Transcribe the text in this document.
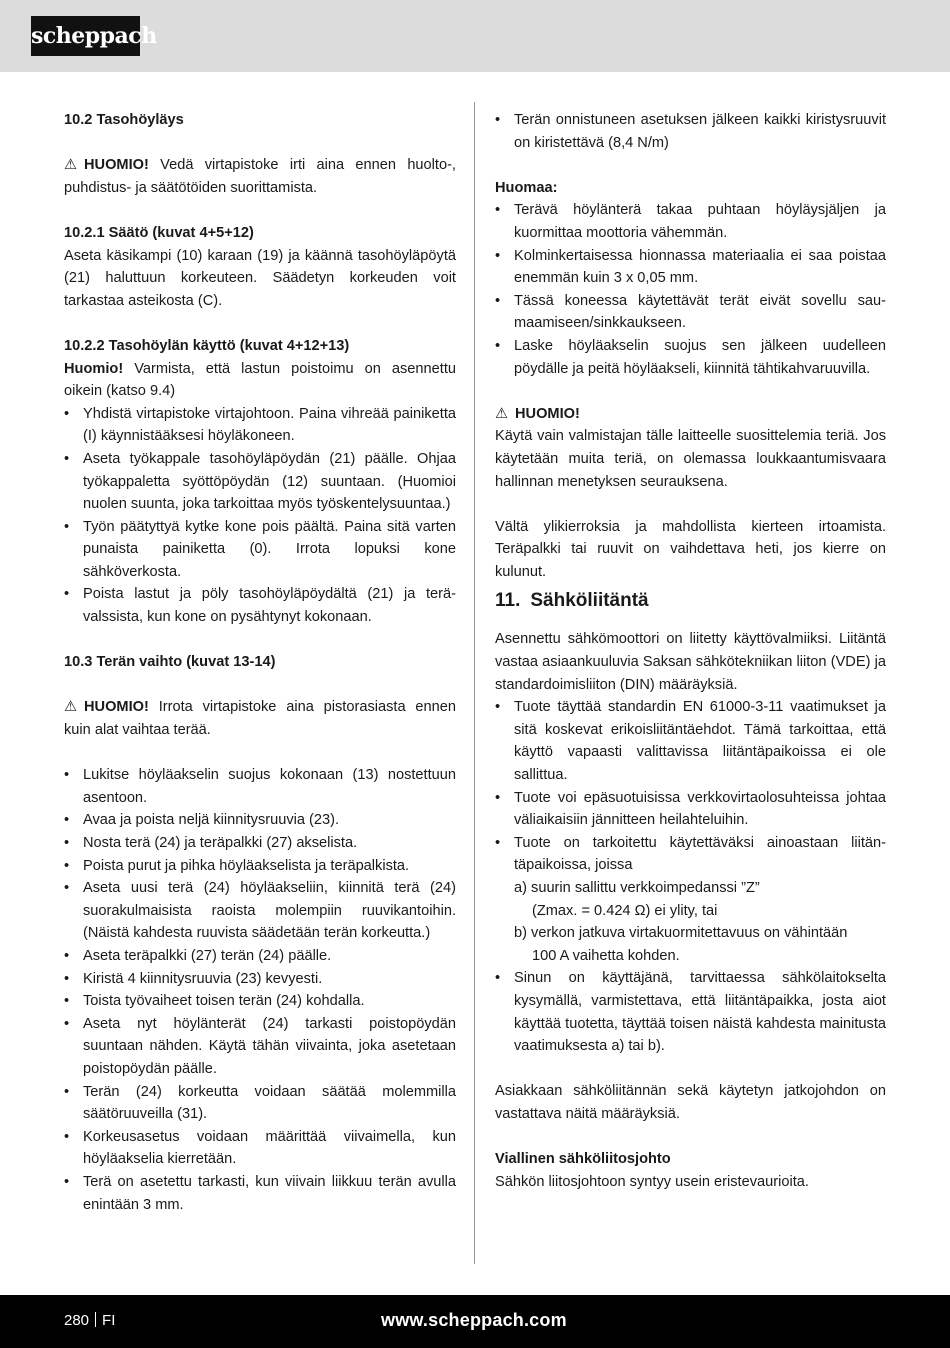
scheppach

10.2 Tasohöyläys

⚠ HUOMIO! Vedä virtapistoke irti aina ennen huolto-, puhdistus- ja säätötöiden suorittamista.

10.2.1 Säätö (kuvat 4+5+12)

Aseta käsikampi (10) karaan (19) ja käännä tasohöyläpöytä (21) haluttuun korkeuteen. Säädetyn korkeuden voit tarkastaa asteikosta (C).

10.2.2 Tasohöylän käyttö (kuvat 4+12+13)

Huomio! Varmista, että lastun poistoimu on asennettu oikein (katso 9.4)

• Yhdistä virtapistoke virtajohtoon. Paina vihreää painiketta (I) käynnistääksesi höyläkoneen.
• Aseta työkappale tasohöyläpöydän (21) päälle. Ohjaa työkappaletta syöttöpöydän (12) suuntaan. (Huomioi nuolen suunta, joka tarkoittaa myös työskentelysuuntaa.)
• Työn päätyttyä kytke kone pois päältä. Paina sitä varten punaista painiketta (0). Irrota lopuksi kone sähköverkosta.
• Poista lastut ja pöly tasohöyläpöydältä (21) ja terävalssista, kun kone on pysähtynyt kokonaan.

10.3 Terän vaihto (kuvat 13-14)

⚠ HUOMIO! Irrota virtapistoke aina pistorasiasta ennen kuin alat vaihtaa terää.

• Lukitse höyläakselin suojus kokonaan (13) nostettuun asentoon.
• Avaa ja poista neljä kiinnitysruuvia (23).
• Nosta terä (24) ja teräpalkki (27) akselista.
• Poista purut ja pihka höyläakselista ja teräpalkista.
• Aseta uusi terä (24) höyläakseliin, kiinnitä terä (24) suorakulmaisista raoista molempiin ruuvikantoihin. (Näistä kahdesta ruuvista säädetään terän korkeutta.)
• Aseta teräpalkki (27) terän (24) päälle.
• Kiristä 4 kiinnitysruuvia (23) kevyesti.
• Toista työvaiheet toisen terän (24) kohdalla.
• Aseta nyt höylänterät (24) tarkasti poistopöydän suuntaan nähden. Käytä tähän viivainta, joka asetetaan poistopöydän päälle.
• Terän (24) korkeutta voidaan säätää molemmilla säätöruuveilla (31).
• Korkeusasetus voidaan määrittää viivaimella, kun höyläakselia kierretään.
• Terä on asetettu tarkasti, kun viivain liikkuu terän avulla enintään 3 mm.
• Terän onnistuneen asetuksen jälkeen kaikki kiristysruuvit on kiristettävä (8,4 N/m)

Huomaa:

• Terävä höylänterä takaa puhtaan höyläysjäljen ja kuormittaa moottoria vähemmän.
• Kolminkertaisessa hionnassa materiaalia ei saa poistaa enemmän kuin 3 x 0,05 mm.
• Tässä koneessa käytettävät terät eivät sovellu saumaamiseen/sinkkaukseen.
• Laske höyläakselin suojus sen jälkeen uudelleen pöydälle ja peitä höyläakseli, kiinnitä tähtikahvaruuvilla.

⚠ HUOMIO!

Käytä vain valmistajan tälle laitteelle suosittelemia teriä. Jos käytetään muita teriä, on olemassa loukkaantumisvaara hallinnan menetyksen seurauksena.

Vältä ylikierroksia ja mahdollista kierteen irtoamista. Teräpalkki tai ruuvit on vaihdettava heti, jos kierre on kulunut.

11. Sähköliitäntä

Asennettu sähkömoottori on liitetty käyttövalmiiksi. Liitäntä vastaa asiaankuuluvia Saksan sähkötekniikan liiton (VDE) ja standardoimisliiton (DIN) määräyksiä.

• Tuote täyttää standardin EN 61000-3-11 vaatimukset ja sitä koskevat erikoisliitäntäehdot. Tämä tarkoittaa, että käyttö vapaasti valittavissa liitäntäpaikoissa ei ole sallittua.
• Tuote voi epäsuotuisissa verkkovirtaolosuhteissa johtaa väliaikaisiin jännitteen heilahteluihin.
• Tuote on tarkoitettu käytettäväksi ainoastaan liitäntäpaikoissa, joissa

a) suurin sallittu verkkoimpedanssi ”Z”

(Zmax. = 0.424 Ω) ei ylity, tai

b) verkon jatkuva virtakuormitettavuus on vähintään

100 A vaihetta kohden.

• Sinun on käyttäjänä, tarvittaessa sähkölaitokselta kysymällä, varmistettava, että liitäntäpaikka, josta aiot käyttää tuotetta, täyttää toisen näistä kahdesta mainitusta vaatimuksesta a) tai b).

Asiakkaan sähköliitännän sekä käytetyn jatkojohdon on vastattava näitä määräyksiä.

Viallinen sähköliitosjohto

Sähkön liitosjohtoon syntyy usein eristevaurioita.

280 FI	www.scheppach.com
